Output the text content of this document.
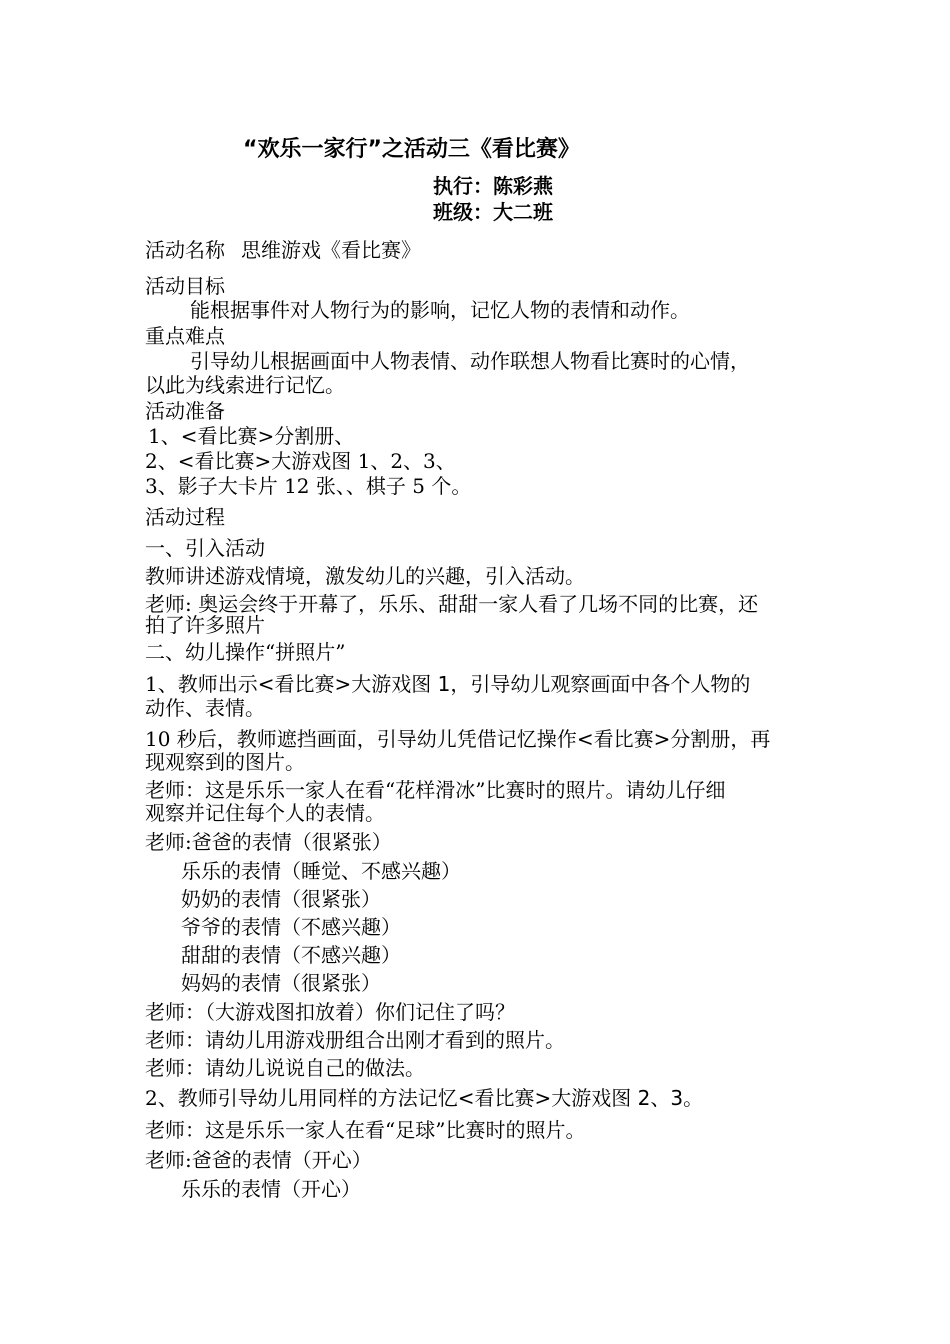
“欢乐一家行”之活动三《看比赛》
执行：陈彩燕
班级：大二班
活动名称 思维游戏《看比赛》
活动目标
能根据事件对人物行为的影响，记忆人物的表情和动作。
重点难点
引导幼儿根据画面中人物表情、动作联想人物看比赛时的心情，
以此为线索进行记忆。
活动准备
1、<看比赛>分割册、
2、<看比赛>大游戏图 1、2、3、
3、影子大卡片 12 张、、棋子 5 个。
活动过程
一、引入活动
教师讲述游戏情境，激发幼儿的兴趣，引入活动。
老师: 奥运会终于开幕了，乐乐、甜甜一家人看了几场不同的比赛，还
拍了许多照片
二、幼儿操作“拼照片”
1、教师出示<看比赛>大游戏图 1，引导幼儿观察画面中各个人物的
动作、表情。
10 秒后，教师遮挡画面，引导幼儿凭借记忆操作<看比赛>分割册，再
现观察到的图片。
老师：这是乐乐一家人在看“花样滑冰”比赛时的照片。请幼儿仔细
观察并记住每个人的表情。
老师:爸爸的表情（很紧张）
乐乐的表情（睡觉、不感兴趣）
奶奶的表情（很紧张）
爷爷的表情（不感兴趣）
甜甜的表情（不感兴趣）
妈妈的表情（很紧张）
老师：（大游戏图扣放着）你们记住了吗？
老师：请幼儿用游戏册组合出刚才看到的照片。
老师：请幼儿说说自己的做法。
2、教师引导幼儿用同样的方法记忆<看比赛>大游戏图 2、3。
老师：这是乐乐一家人在看“足球”比赛时的照片。
老师:爸爸的表情（开心）
乐乐的表情（开心）
